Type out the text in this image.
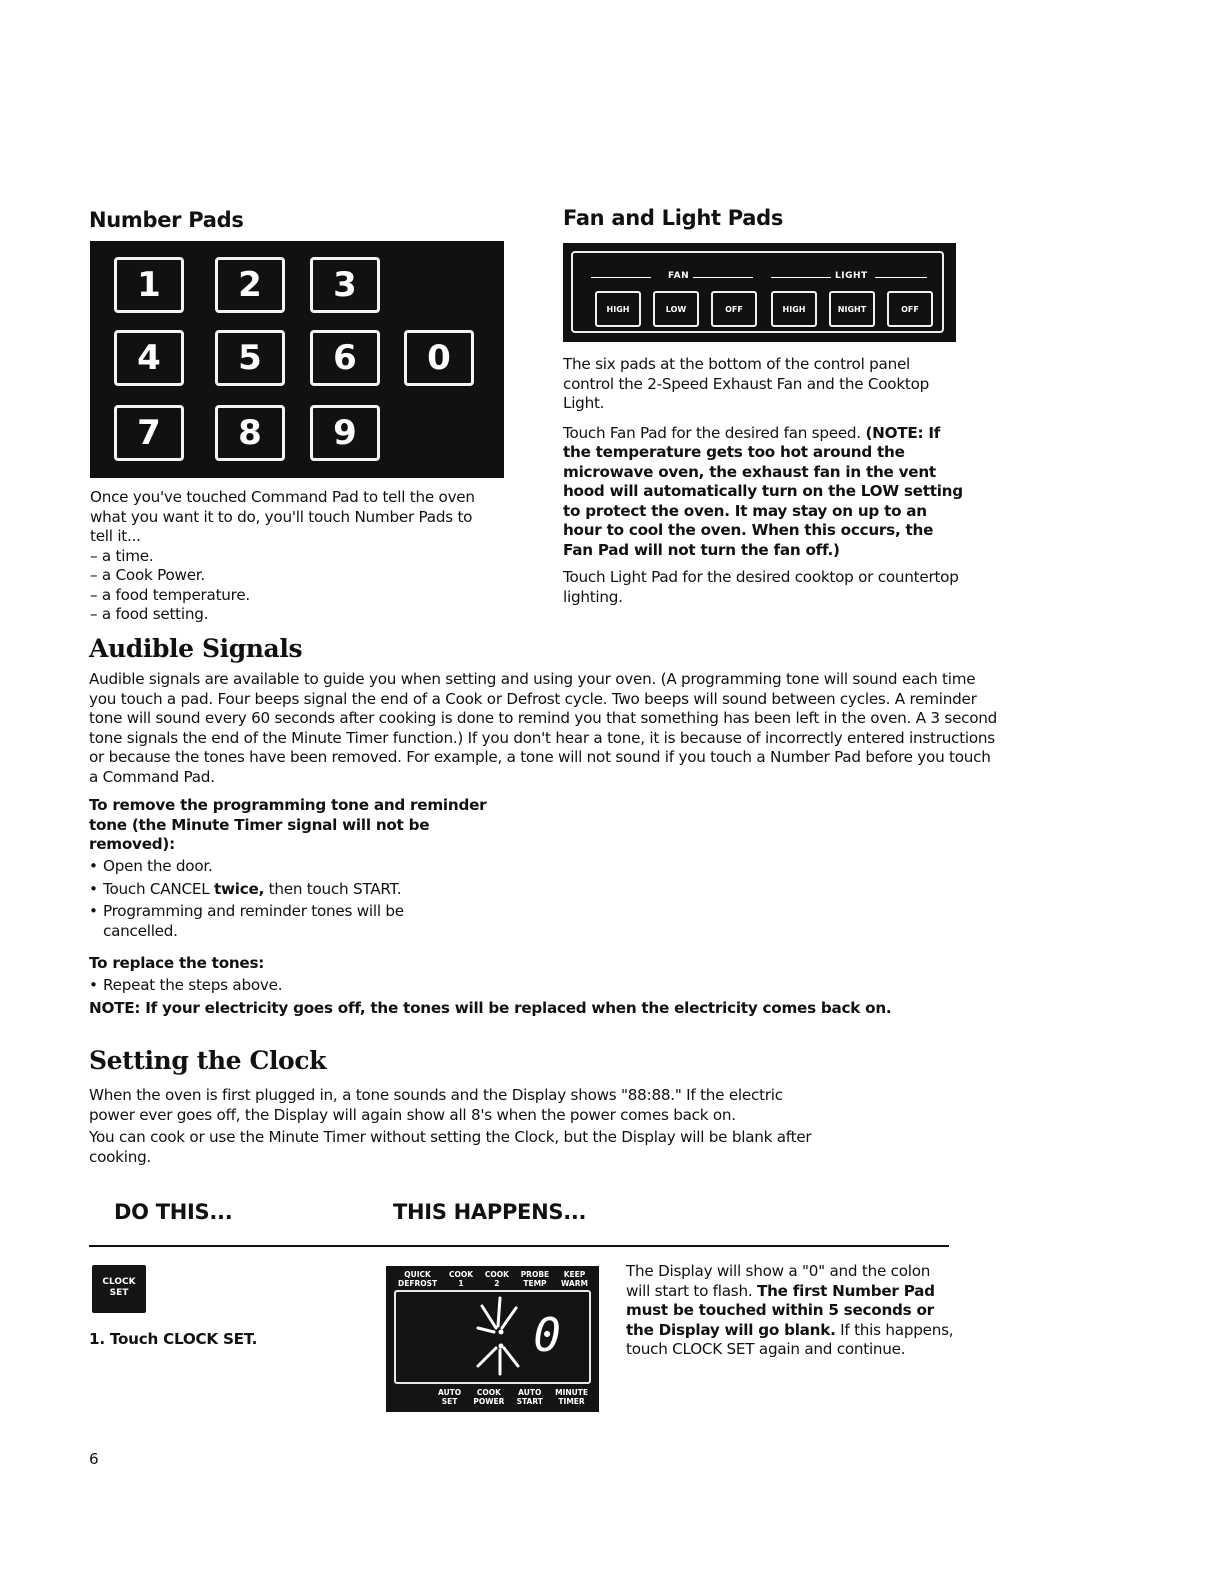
Number Pads
1	2	3
4	5	6	0
7	8	9

Once you've touched Command Pad to tell the oven what you want it to do, you'll touch Number Pads to tell it...

– a time.

– a Cook Power.

– a food temperature.

– a food setting.

Fan and Light Pads
FAN	LIGHT
HIGH	LOW	OFF	HIGH	NIGHT	OFF

The six pads at the bottom of the control panel control the 2-Speed Exhaust Fan and the Cooktop Light.

Touch Fan Pad for the desired fan speed. (NOTE: If the temperature gets too hot around the microwave oven, the exhaust fan in the vent hood will automatically turn on the LOW setting to protect the oven. It may stay on up to an hour to cool the oven. When this occurs, the Fan Pad will not turn the fan off.)

Touch Light Pad for the desired cooktop or countertop lighting.

Audible Signals
Audible signals are available to guide you when setting and using your oven. (A programming tone will sound each time you touch a pad. Four beeps signal the end of a Cook or Defrost cycle. Two beeps will sound between cycles. A reminder tone will sound every 60 seconds after cooking is done to remind you that something has been left in the oven. A 3 second tone signals the end of the Minute Timer function.) If you don't hear a tone, it is because of incorrectly entered instructions or because the tones have been removed. For example, a tone will not sound if you touch a Number Pad before you touch a Command Pad.
To remove the programming tone and reminder tone (the Minute Timer signal will not be removed):

• Open the door.

• Touch CANCEL twice, then touch START.

• Programming and reminder tones will be cancelled.

To replace the tones:

• Repeat the steps above.

NOTE: If your electricity goes off, the tones will be replaced when the electricity comes back on.
Setting the Clock

When the oven is first plugged in, a tone sounds and the Display shows "88:88." If the electric power ever goes off, the Display will again show all 8's when the power comes back on.

You can cook or use the Minute Timer without setting the Clock, but the Display will be blank after cooking.

DO THIS...	THIS HAPPENS...
CLOCK
SET
1. Touch CLOCK SET.
QUICK
DEFROST
COOK
1
COOK
2
PROBE
TEMP
KEEP
WARM
0
AUTO
SET
COOK
POWER
AUTO
START
MINUTE
TIMER
The Display will show a "0" and the colon will start to flash. The first Number Pad must be touched within 5 seconds or the Display will go blank. If this happens, touch CLOCK SET again and continue.
6
